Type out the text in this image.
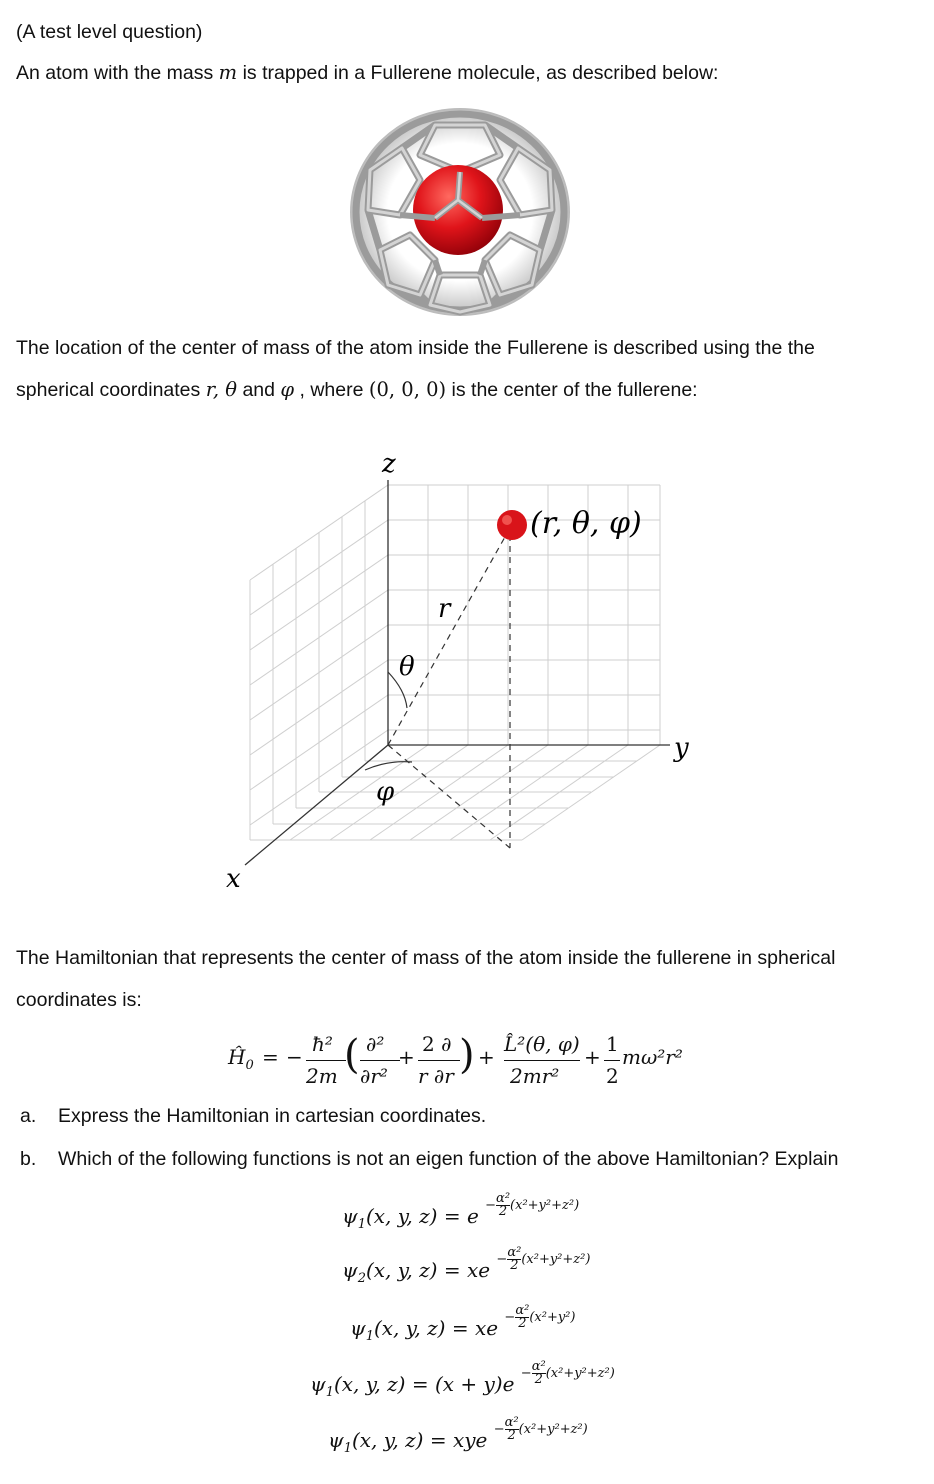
(A test level question)
An atom with the mass m is trapped in a Fullerene molecule, as described below:
The location of the center of mass of the atom inside the Fullerene is described using the the
spherical coordinates r, θ and φ , where (0, 0, 0) is the center of the fullerene:
z
y
x
r
θ
φ
(r, θ, φ)
The Hamiltonian that represents the center of mass of the atom inside the fullerene in spherical
coordinates is:
$Ĥ_0$ = −
ħ²
2m ( ∂²
∂r²
+
2 ∂
r ∂r ) +
L̂²(θ, φ)
2mr²
+
1
2
mω²r²
a. Express the Hamiltonian in cartesian coordinates.
b. Which of the following functions is not an eigen function of the above Hamiltonian? Explain
$\psi_1(x$, y, z) = e $^{- \frac{\text{α²}}{2} (x^2+y^2+z^2)}$
$\psi_2(x$, y, z) = xe $^{- \frac{\text{α²}}{2} (x^2+y^2+z^2)}$
$\psi_1(x$, y, z) = xe $^{- \frac{\text{α²}}{2} (x^2+y^2)}$
$\psi_1(x$, y, z) = (x + y)e $^{- \frac{\text{α²}}{2} (x^2+y^2+z^2)}$
$\psi_1(x$, y, z) = xye $^{- \frac{\text{α²}}{2} (x^2+y^2+z^2)}$
